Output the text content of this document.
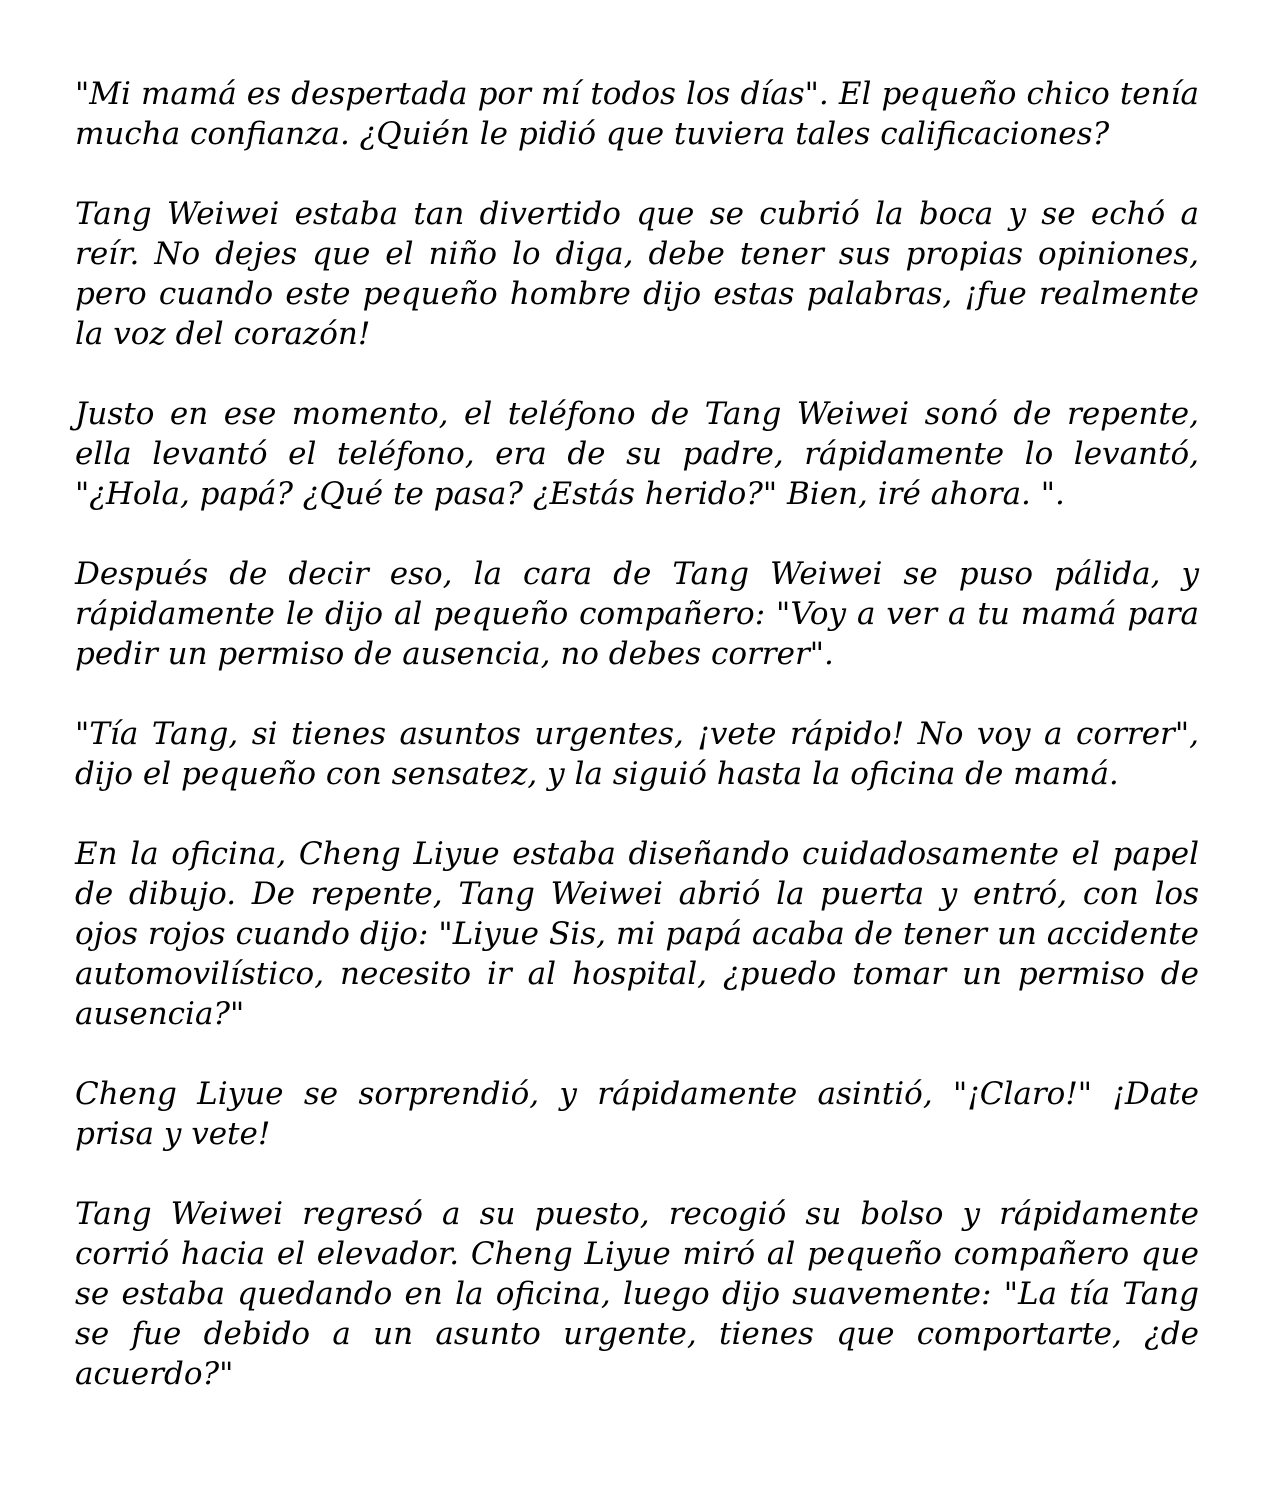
"Mi mamá es despertada por mí todos los días". El pequeño chico tenía mucha confianza. ¿Quién le pidió que tuviera tales calificaciones?

Tang Weiwei estaba tan divertido que se cubrió la boca y se echó a reír. No dejes que el niño lo diga, debe tener sus propias opiniones, pero cuando este pequeño hombre dijo estas palabras, ¡fue realmente la voz del corazón!

Justo en ese momento, el teléfono de Tang Weiwei sonó de repente, ella levantó el teléfono, era de su padre, rápidamente lo levantó, "¿Hola, papá? ¿Qué te pasa? ¿Estás herido?" Bien, iré ahora. ".

Después de decir eso, la cara de Tang Weiwei se puso pálida, y rápidamente le dijo al pequeño compañero: "Voy a ver a tu mamá para pedir un permiso de ausencia, no debes correr".

"Tía Tang, si tienes asuntos urgentes, ¡vete rápido! No voy a correr", dijo el pequeño con sensatez, y la siguió hasta la oficina de mamá.

En la oficina, Cheng Liyue estaba diseñando cuidadosamente el papel de dibujo. De repente, Tang Weiwei abrió la puerta y entró, con los ojos rojos cuando dijo: "Liyue Sis, mi papá acaba de tener un accidente automovilístico, necesito ir al hospital, ¿puedo tomar un permiso de ausencia?"

Cheng Liyue se sorprendió, y rápidamente asintió, "¡Claro!" ¡Date prisa y vete!

Tang Weiwei regresó a su puesto, recogió su bolso y rápidamente corrió hacia el elevador. Cheng Liyue miró al pequeño compañero que se estaba quedando en la oficina, luego dijo suavemente: "La tía Tang se fue debido a un asunto urgente, tienes que comportarte, ¿de acuerdo?"
